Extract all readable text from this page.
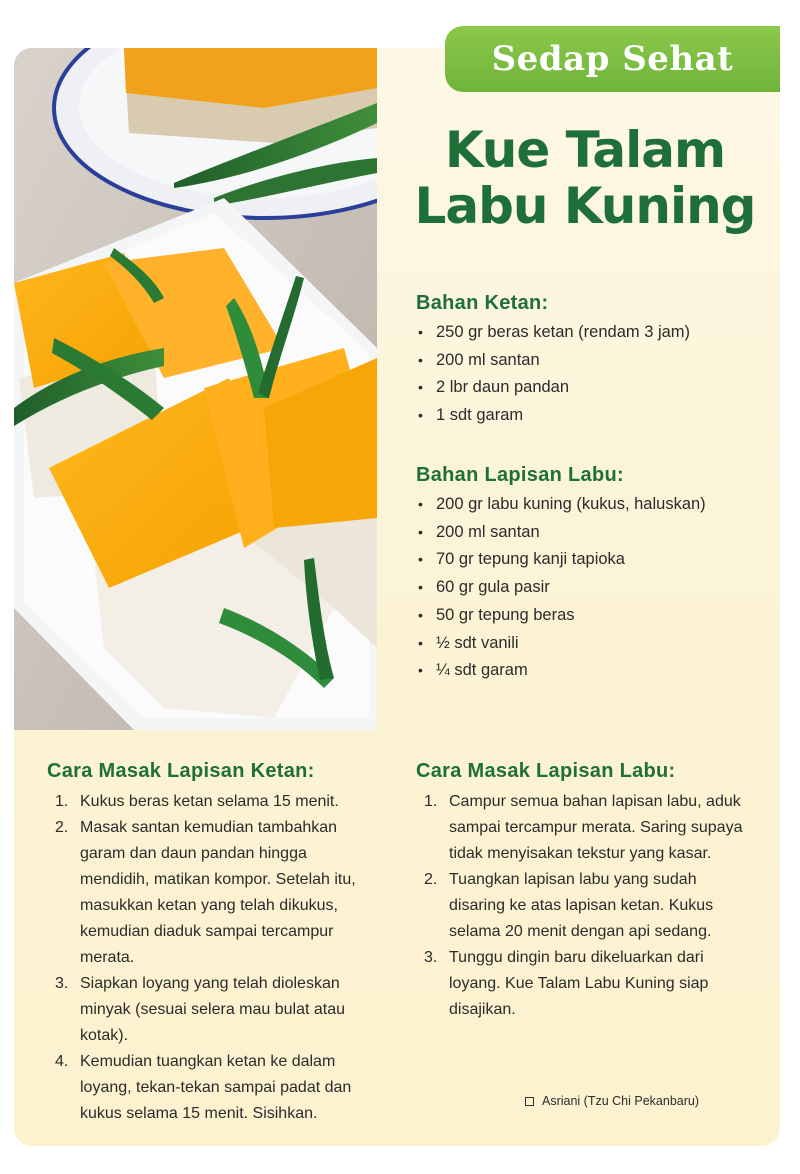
Sedap Sehat
Kue Talam
Labu Kuning
Bahan Ketan:
• 250 gr beras ketan (rendam 3 jam)
• 200 ml santan
• 2 lbr daun pandan
• 1 sdt garam
Bahan Lapisan Labu:
• 200 gr labu kuning (kukus, haluskan)
• 200 ml santan
• 70 gr tepung kanji tapioka
• 60 gr gula pasir
• 50 gr tepung beras
• ½ sdt vanili
• ¼ sdt garam
Cara Masak Lapisan Ketan:
1. Kukus beras ketan selama 15 menit.
2. Masak santan kemudian tambahkan garam dan daun pandan hingga mendidih, matikan kompor. Setelah itu, masukkan ketan yang telah dikukus, kemudian diaduk sampai tercampur merata.
3. Siapkan loyang yang telah dioleskan minyak (sesuai selera mau bulat atau kotak).
4. Kemudian tuangkan ketan ke dalam loyang, tekan-tekan sampai padat dan kukus selama 15 menit. Sisihkan.
Cara Masak Lapisan Labu:
1. Campur semua bahan lapisan labu, aduk sampai tercampur merata. Saring supaya tidak menyisakan tekstur yang kasar.
2. Tuangkan lapisan labu yang sudah disaring ke atas lapisan ketan. Kukus selama 20 menit dengan api sedang.
3. Tunggu dingin baru dikeluarkan dari loyang. Kue Talam Labu Kuning siap disajikan.
Asriani (Tzu Chi Pekanbaru)
